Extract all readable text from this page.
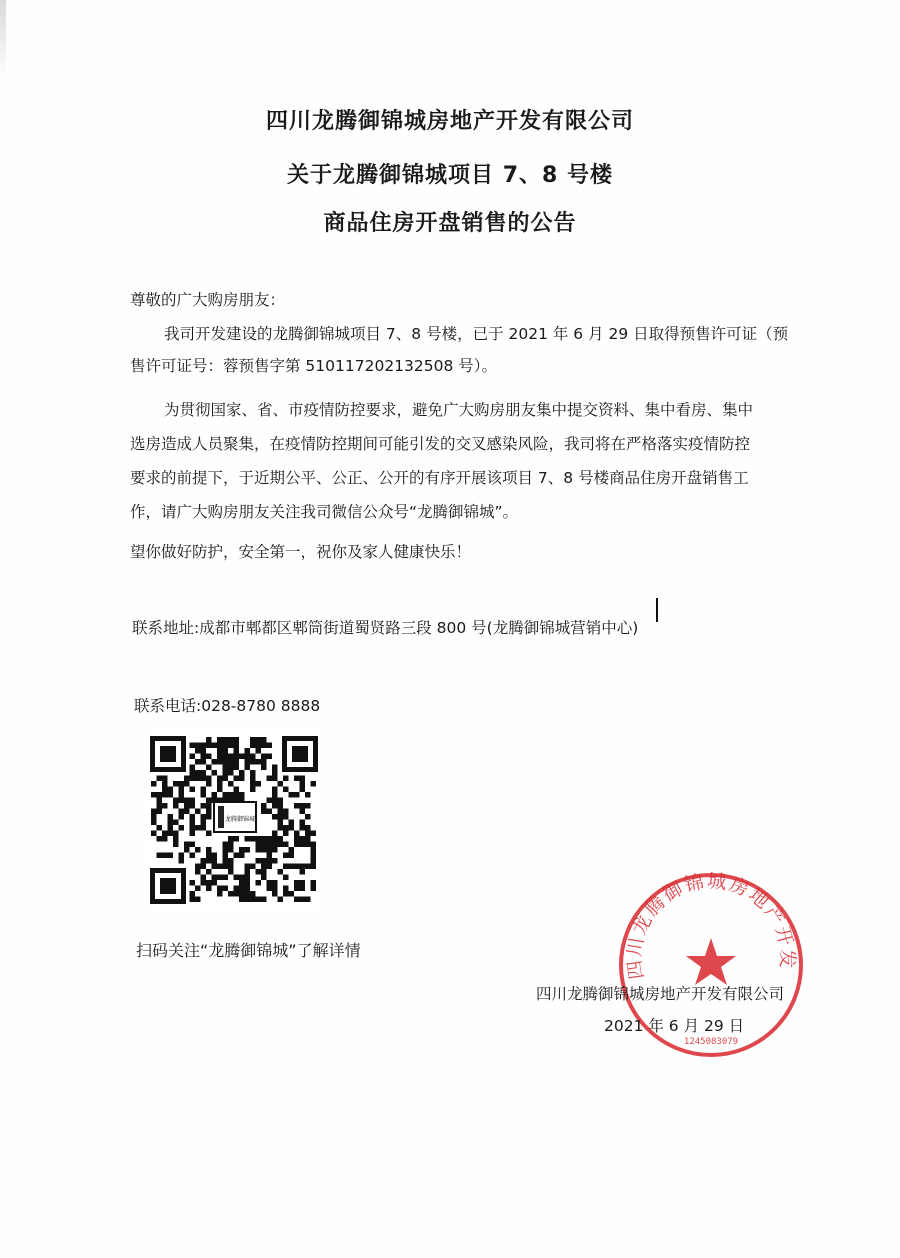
四川龙腾御锦城房地产开发有限公司
关于龙腾御锦城项目 7、8 号楼
商品住房开盘销售的公告
尊敬的广大购房朋友：
我司开发建设的龙腾御锦城项目 7、8 号楼，已于 2021 年 6 月 29 日取得预售许可证（预
售许可证号：蓉预售字第 510117202132508 号）。
为贯彻国家、省、市疫情防控要求，避免广大购房朋友集中提交资料、集中看房、集中
选房造成人员聚集，在疫情防控期间可能引发的交叉感染风险，我司将在严格落实疫情防控
要求的前提下，于近期公平、公正、公开的有序开展该项目 7、8 号楼商品住房开盘销售工
作，请广大购房朋友关注我司微信公众号“龙腾御锦城”。
望你做好防护，安全第一，祝你及家人健康快乐！
联系地址:成都市郫都区郫筒街道蜀贤路三段 800 号(龙腾御锦城营销中心)
联系电话:028-8780 8888
龙腾御锦城
扫码关注“龙腾御锦城”了解详情
四川龙腾御锦城房地产开发
1245083079
四川龙腾御锦城房地产开发有限公司
2021 年 6 月 29 日
